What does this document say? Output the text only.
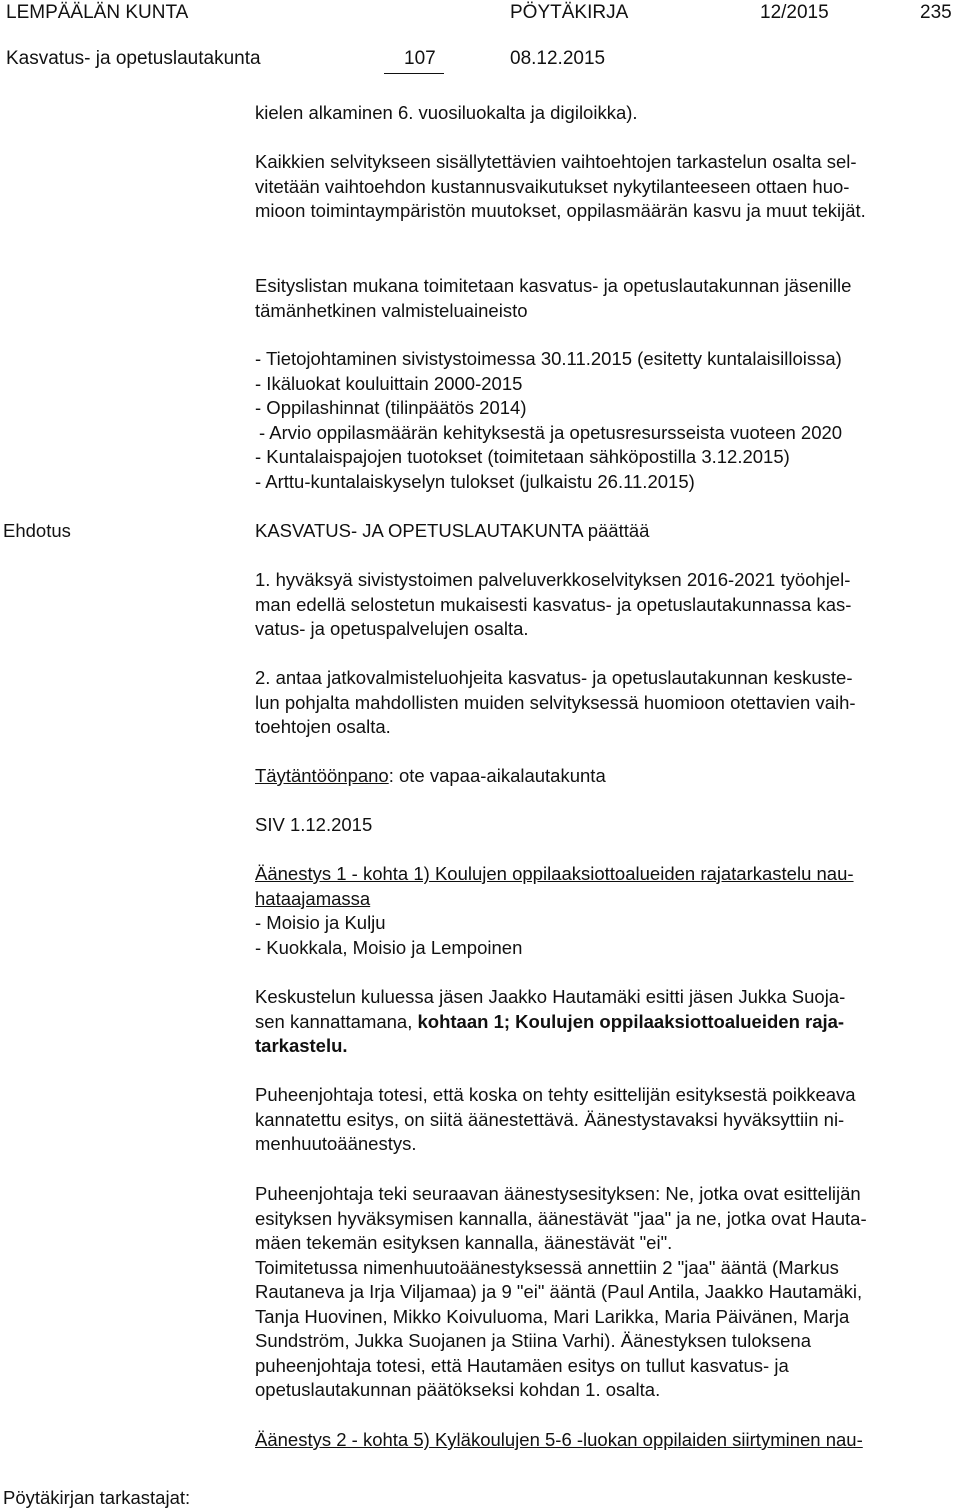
LEMPÄÄLÄN KUNTA	PÖYTÄKIRJA	12/2015	235
Kasvatus- ja opetuslautakunta	107	08.12.2015
kielen alkaminen 6. vuosiluokalta ja digiloikka).
Kaikkien selvitykseen sisällytettävien vaihtoehtojen tarkastelun osalta sel-
vitetään vaihtoehdon kustannusvaikutukset nykytilanteeseen ottaen huo-
mioon toimintaympäristön muutokset, oppilasmäärän kasvu ja muut tekijät.
Esityslistan mukana toimitetaan kasvatus- ja opetuslautakunnan jäsenille
tämänhetkinen valmisteluaineisto
- Tietojohtaminen sivistystoimessa 30.11.2015 (esitetty kuntalaisilloissa)
- Ikäluokat kouluittain 2000-2015
- Oppilashinnat (tilinpäätös 2014)
- Arvio oppilasmäärän kehityksestä ja opetusresursseista vuoteen 2020
- Kuntalaispajojen tuotokset (toimitetaan sähköpostilla 3.12.2015)
- Arttu-kuntalaiskyselyn tulokset (julkaistu 26.11.2015)
Ehdotus	KASVATUS- JA OPETUSLAUTAKUNTA päättää
1. hyväksyä sivistystoimen palveluverkkoselvityksen 2016-2021 työohjel-
man edellä selostetun mukaisesti kasvatus- ja opetuslautakunnassa kas-
vatus- ja opetuspalvelujen osalta.
2. antaa jatkovalmisteluohjeita kasvatus- ja opetuslautakunnan keskuste-
lun pohjalta mahdollisten muiden selvityksessä huomioon otettavien vaih-
toehtojen osalta.
Täytäntöönpano: ote vapaa-aikalautakunta
SIV 1.12.2015
Äänestys 1 - kohta 1) Koulujen oppilaaksiottoalueiden rajatarkastelu nau-
hataajamassa
- Moisio ja Kulju
- Kuokkala, Moisio ja Lempoinen
Keskustelun kuluessa jäsen Jaakko Hautamäki esitti jäsen Jukka Suoja-
sen kannattamana, kohtaan 1; Koulujen oppilaaksiottoalueiden raja-
tarkastelu.
Puheenjohtaja totesi, että koska on tehty esittelijän esityksestä poikkeava
kannatettu esitys, on siitä äänestettävä. Äänestystavaksi hyväksyttiin ni-
menhuutoäänestys.
Puheenjohtaja teki seuraavan äänestysesityksen: Ne, jotka ovat esittelijän
esityksen hyväksymisen kannalla, äänestävät "jaa" ja ne, jotka ovat Hauta-
mäen tekemän esityksen kannalla, äänestävät "ei".
Toimitetussa nimenhuutoäänestyksessä annettiin 2 "jaa" ääntä (Markus
Rautaneva ja Irja Viljamaa) ja 9 "ei" ääntä (Paul Antila, Jaakko Hautamäki,
Tanja Huovinen, Mikko Koivuluoma, Mari Larikka, Maria Päivänen, Marja
Sundström, Jukka Suojanen ja Stiina Varhi). Äänestyksen tuloksena
puheenjohtaja totesi, että Hautamäen esitys on tullut kasvatus- ja
opetuslautakunnan päätökseksi kohdan 1. osalta.
Äänestys 2 - kohta 5) Kyläkoulujen 5-6 -luokan oppilaiden siirtyminen nau-
Pöytäkirjan tarkastajat:
